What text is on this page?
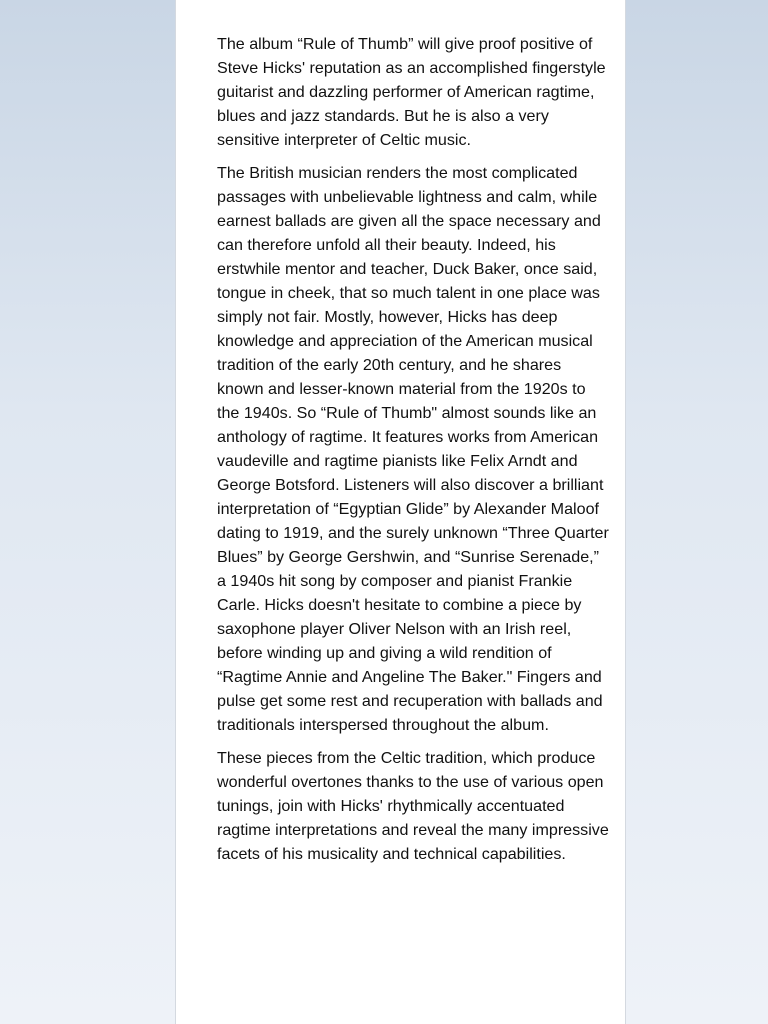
The album “Rule of Thumb” will give proof positive of Steve Hicks' reputation as an accomplished fingerstyle guitarist and dazzling performer of American ragtime, blues and jazz standards. But he is also a very sensitive interpreter of Celtic music.

The British musician renders the most complicated passages with unbelievable lightness and calm, while earnest ballads are given all the space necessary and can therefore unfold all their beauty. Indeed, his erstwhile mentor and teacher, Duck Baker, once said, tongue in cheek, that so much talent in one place was simply not fair. Mostly, however, Hicks has deep knowledge and appreciation of the American musical tradition of the early 20th century, and he shares known and lesser-known material from the 1920s to the 1940s. So “Rule of Thumb" almost sounds like an anthology of ragtime. It features works from American vaudeville and ragtime pianists like Felix Arndt and George Botsford. Listeners will also discover a brilliant interpretation of “Egyptian Glide” by Alexander Maloof dating to 1919, and the surely unknown “Three Quarter Blues” by George Gershwin, and “Sunrise Serenade,” a 1940s hit song by composer and pianist Frankie Carle. Hicks doesn't hesitate to combine a piece by saxophone player Oliver Nelson with an Irish reel, before winding up and giving a wild rendition of “Ragtime Annie and Angeline The Baker." Fingers and pulse get some rest and recuperation with ballads and traditionals interspersed throughout the album.

These pieces from the Celtic tradition, which produce wonderful overtones thanks to the use of various open tunings, join with Hicks' rhythmically accentuated ragtime interpretations and reveal the many impressive facets of his musicality and technical capabilities.
